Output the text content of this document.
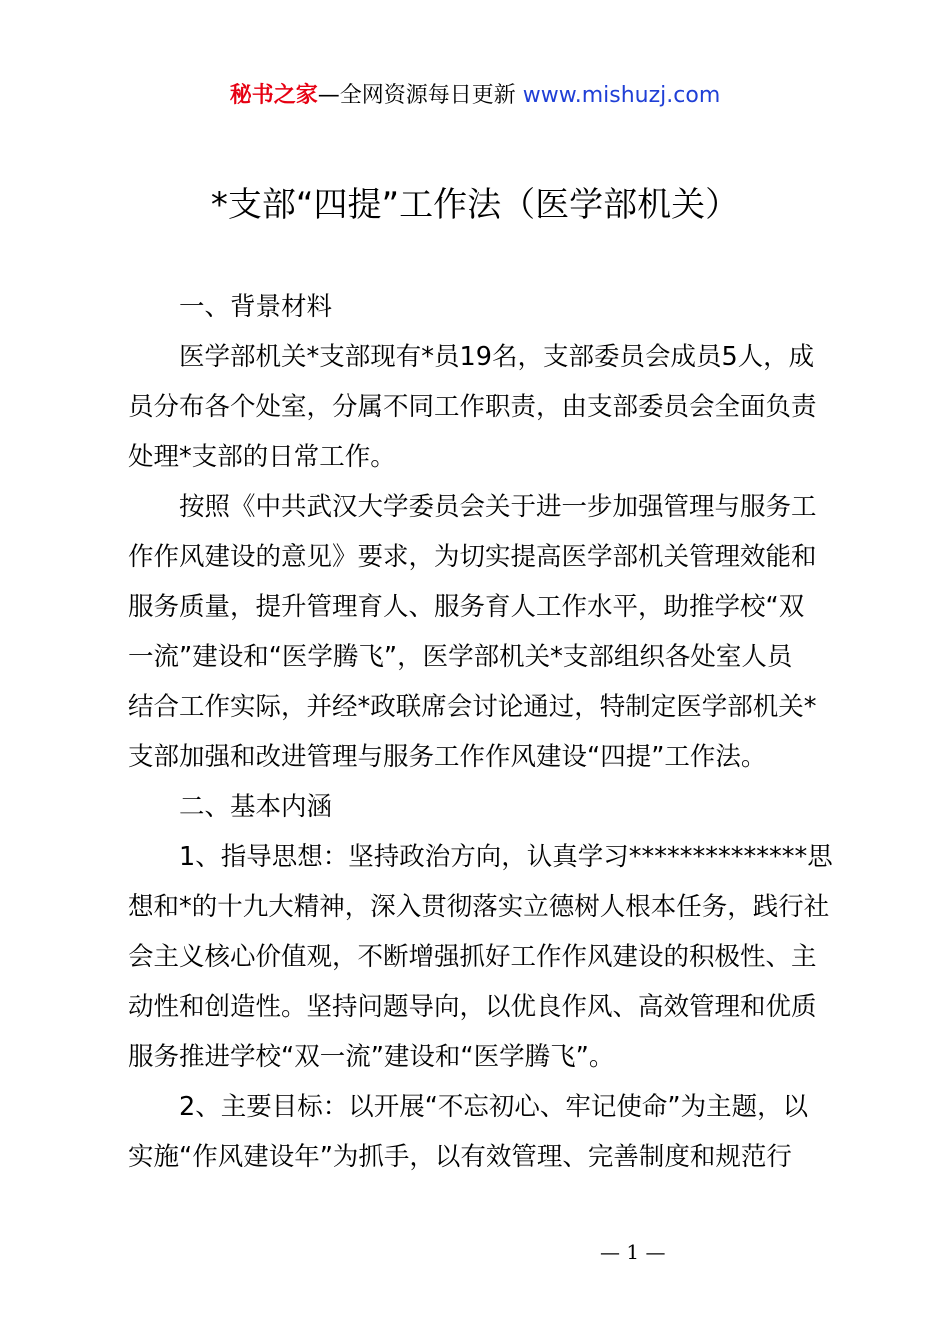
秘书之家—全网资源每日更新 www.mishuzj.com
*支部“四提”工作法（医学部机关）
一、背景材料
医学部机关*支部现有*员19名，支部委员会成员5人，成
员分布各个处室，分属不同工作职责，由支部委员会全面负责
处理*支部的日常工作。
按照《中共武汉大学委员会关于进一步加强管理与服务工
作作风建设的意见》要求，为切实提高医学部机关管理效能和
服务质量，提升管理育人、服务育人工作水平，助推学校“双
一流”建设和“医学腾飞”，医学部机关*支部组织各处室人员
结合工作实际，并经*政联席会讨论通过，特制定医学部机关*
支部加强和改进管理与服务工作作风建设“四提”工作法。
二、基本内涵
1、指导思想：坚持政治方向，认真学习**************思
想和*的十九大精神，深入贯彻落实立德树人根本任务，践行社
会主义核心价值观，不断增强抓好工作作风建设的积极性、主
动性和创造性。坚持问题导向，以优良作风、高效管理和优质
服务推进学校“双一流”建设和“医学腾飞”。
2、主要目标：以开展“不忘初心、牢记使命”为主题，以
实施“作风建设年”为抓手，以有效管理、完善制度和规范行
— 1 —
